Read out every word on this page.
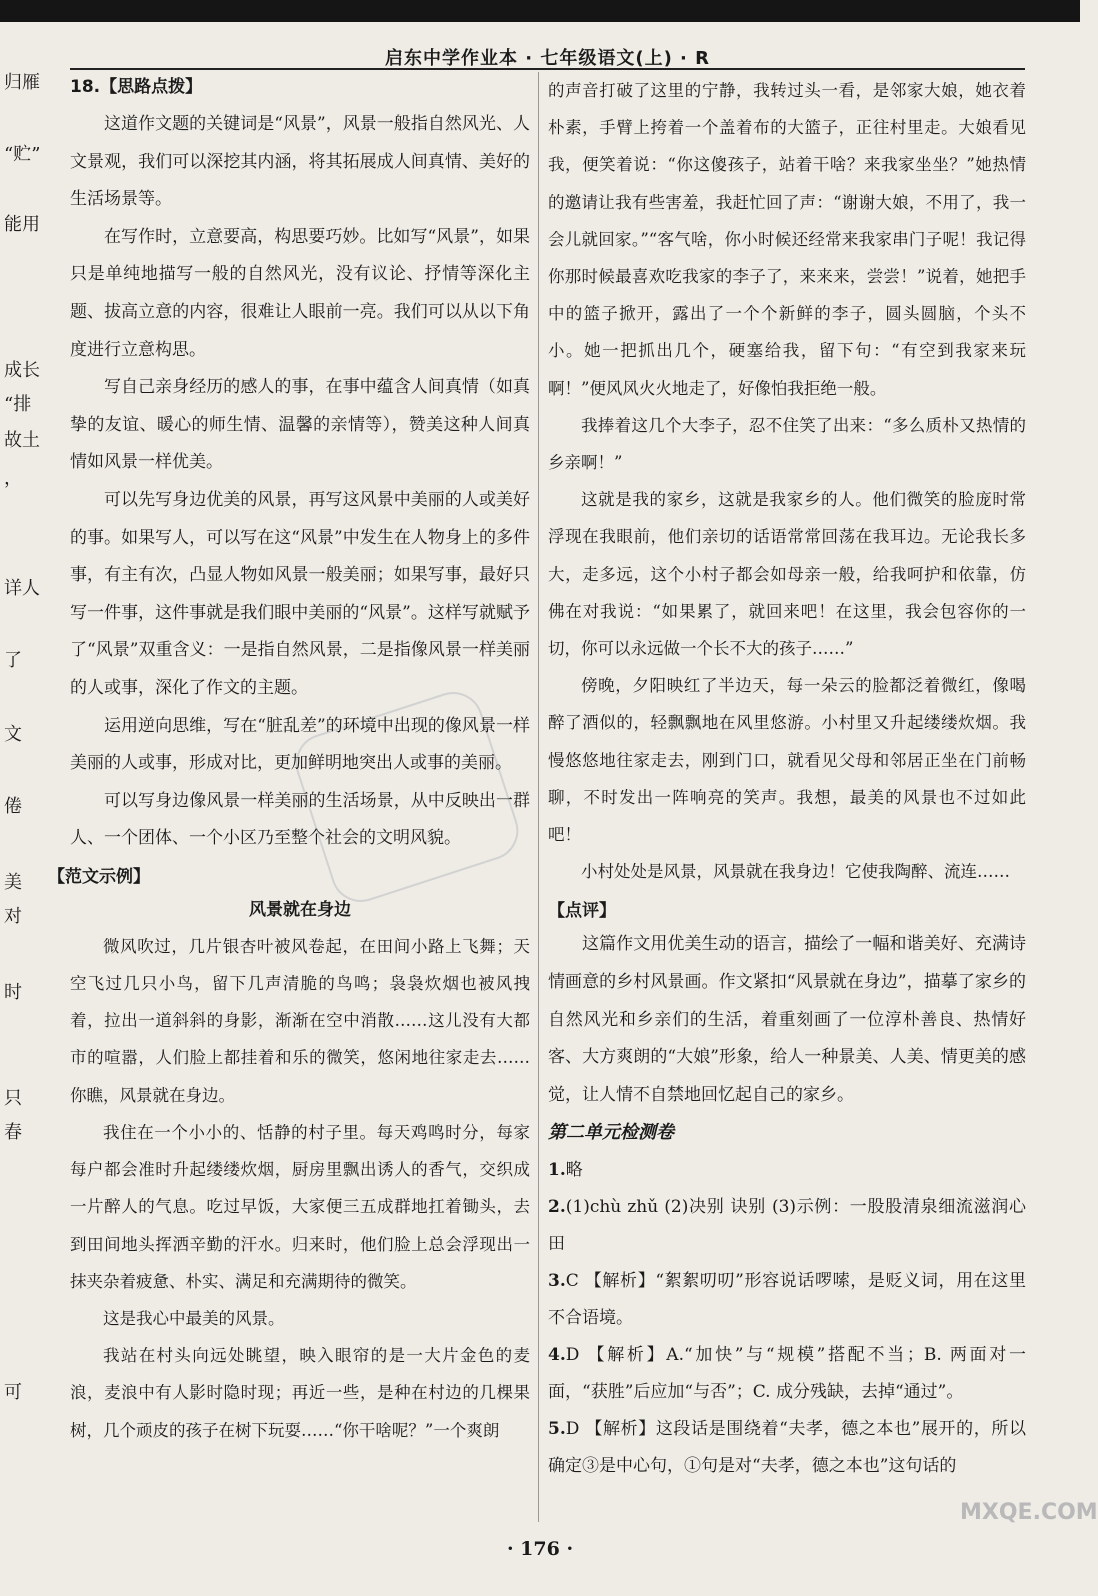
启东中学作业本 · 七年级语文(上) · R
归雁
“贮”
能用
成长
“排
故土
，
详人
了
文
倦
美
对
时
只
春
可

18.【思路点拨】

这道作文题的关键词是“风景”，风景一般指自然风光、人文景观，我们可以深挖其内涵，将其拓展成人间真情、美好的生活场景等。

在写作时，立意要高，构思要巧妙。比如写“风景”，如果只是单纯地描写一般的自然风光，没有议论、抒情等深化主题、拔高立意的内容，很难让人眼前一亮。我们可以从以下角度进行立意构思。

写自己亲身经历的感人的事，在事中蕴含人间真情（如真挚的友谊、暖心的师生情、温馨的亲情等），赞美这种人间真情如风景一样优美。

可以先写身边优美的风景，再写这风景中美丽的人或美好的事。如果写人，可以写在这“风景”中发生在人物身上的多件事，有主有次，凸显人物如风景一般美丽；如果写事，最好只写一件事，这件事就是我们眼中美丽的“风景”。这样写就赋予了“风景”双重含义：一是指自然风景，二是指像风景一样美丽的人或事，深化了作文的主题。

运用逆向思维，写在“脏乱差”的环境中出现的像风景一样美丽的人或事，形成对比，更加鲜明地突出人或事的美丽。

可以写身边像风景一样美丽的生活场景，从中反映出一群人、一个团体、一个小区乃至整个社会的文明风貌。

【范文示例】

风景就在身边

微风吹过，几片银杏叶被风卷起，在田间小路上飞舞；天空飞过几只小鸟，留下几声清脆的鸟鸣；袅袅炊烟也被风拽着，拉出一道斜斜的身影，渐渐在空中消散……这儿没有大都市的喧嚣，人们脸上都挂着和乐的微笑，悠闲地往家走去……你瞧，风景就在身边。

我住在一个小小的、恬静的村子里。每天鸡鸣时分，每家每户都会准时升起缕缕炊烟，厨房里飘出诱人的香气，交织成一片醉人的气息。吃过早饭，大家便三五成群地扛着锄头，去到田间地头挥洒辛勤的汗水。归来时，他们脸上总会浮现出一抹夹杂着疲惫、朴实、满足和充满期待的微笑。

这是我心中最美的风景。

我站在村头向远处眺望，映入眼帘的是一大片金色的麦浪，麦浪中有人影时隐时现；再近一些，是种在村边的几棵果树，几个顽皮的孩子在树下玩耍……“你干啥呢？”一个爽朗

的声音打破了这里的宁静，我转过头一看，是邻家大娘，她衣着朴素，手臂上挎着一个盖着布的大篮子，正往村里走。大娘看见我，便笑着说：“你这傻孩子，站着干啥？来我家坐坐？”她热情的邀请让我有些害羞，我赶忙回了声：“谢谢大娘，不用了，我一会儿就回家。”“客气啥，你小时候还经常来我家串门子呢！我记得你那时候最喜欢吃我家的李子了，来来来，尝尝！”说着，她把手中的篮子掀开，露出了一个个新鲜的李子，圆头圆脑，个头不小。她一把抓出几个，硬塞给我，留下句：“有空到我家来玩啊！”便风风火火地走了，好像怕我拒绝一般。

我捧着这几个大李子，忍不住笑了出来：“多么质朴又热情的乡亲啊！”

这就是我的家乡，这就是我家乡的人。他们微笑的脸庞时常浮现在我眼前，他们亲切的话语常常回荡在我耳边。无论我长多大，走多远，这个小村子都会如母亲一般，给我呵护和依靠，仿佛在对我说：“如果累了，就回来吧！在这里，我会包容你的一切，你可以永远做一个长不大的孩子……”

傍晚，夕阳映红了半边天，每一朵云的脸都泛着微红，像喝醉了酒似的，轻飘飘地在风里悠游。小村里又升起缕缕炊烟。我慢悠悠地往家走去，刚到门口，就看见父母和邻居正坐在门前畅聊，不时发出一阵响亮的笑声。我想，最美的风景也不过如此吧！

小村处处是风景，风景就在我身边！它使我陶醉、流连……

【点评】

这篇作文用优美生动的语言，描绘了一幅和谐美好、充满诗情画意的乡村风景画。作文紧扣“风景就在身边”，描摹了家乡的自然风光和乡亲们的生活，着重刻画了一位淳朴善良、热情好客、大方爽朗的“大娘”形象，给人一种景美、人美、情更美的感觉，让人情不自禁地回忆起自己的家乡。

第二单元检测卷

1.略

2.(1)chù zhǔ (2)决别 诀别 (3)示例：一股股清泉细流滋润心田

3.C 【解析】“絮絮叨叨”形容说话啰嗦，是贬义词，用在这里不合语境。

4.D 【解析】A.“加快”与“规模”搭配不当；B. 两面对一面，“获胜”后应加“与否”；C. 成分残缺，去掉“通过”。

5.D 【解析】这段话是围绕着“夫孝，德之本也”展开的，所以确定③是中心句，①句是对“夫孝，德之本也”这句话的

· 176 ·
MXQE.COM
